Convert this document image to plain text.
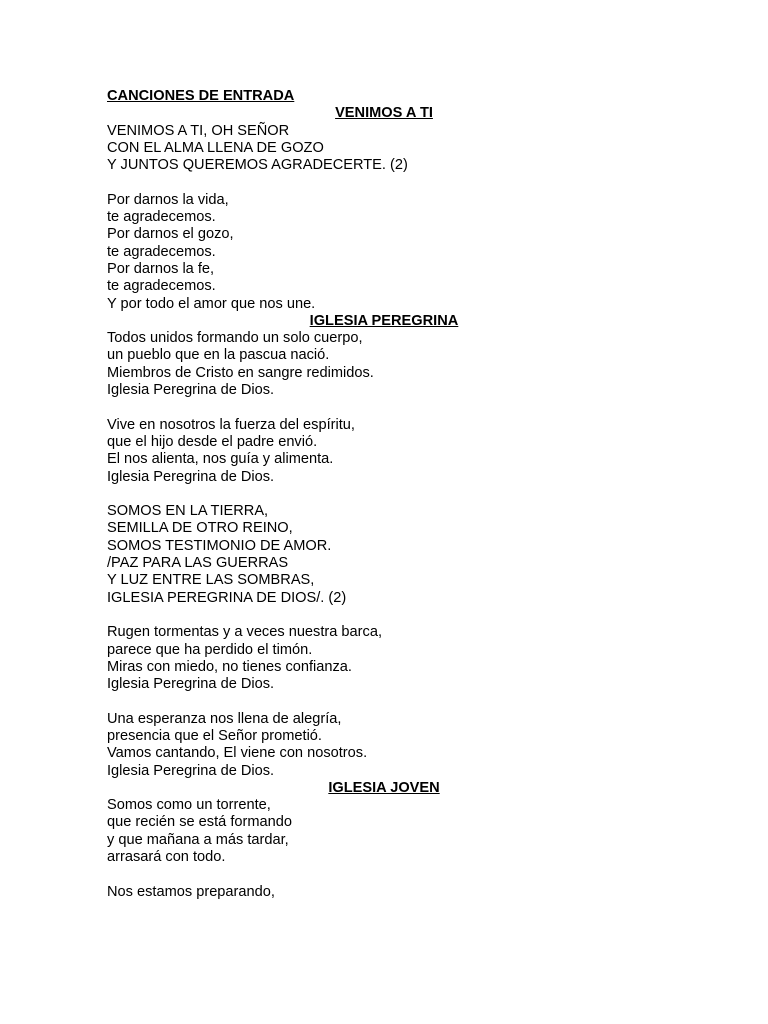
CANCIONES DE ENTRADA
VENIMOS A TI
VENIMOS A TI, OH SEÑOR
CON EL ALMA LLENA DE GOZO
Y JUNTOS QUEREMOS AGRADECERTE. (2)
Por darnos la vida,
te agradecemos.
Por darnos el gozo,
te agradecemos.
Por darnos la fe,
te agradecemos.
Y por todo el amor que nos une.
IGLESIA PEREGRINA
Todos unidos formando un solo cuerpo,
un pueblo que en la pascua nació.
Miembros de Cristo en sangre redimidos.
Iglesia Peregrina de Dios.
Vive en nosotros la fuerza del espíritu,
que el hijo desde el padre envió.
El nos alienta, nos guía y alimenta.
Iglesia Peregrina de Dios.
SOMOS EN LA TIERRA,
SEMILLA DE OTRO REINO,
SOMOS TESTIMONIO DE AMOR.
/PAZ PARA LAS GUERRAS
Y LUZ ENTRE LAS SOMBRAS,
IGLESIA PEREGRINA DE DIOS/. (2)
Rugen tormentas y a veces nuestra barca,
parece que ha perdido el timón.
Miras con miedo, no tienes confianza.
Iglesia Peregrina de Dios.
Una esperanza nos llena de alegría,
presencia que el Señor prometió.
Vamos cantando, El viene con nosotros.
Iglesia Peregrina de Dios.
IGLESIA JOVEN
Somos como un torrente,
que recién se está formando
y que mañana a más tardar,
arrasará con todo.
Nos estamos preparando,
